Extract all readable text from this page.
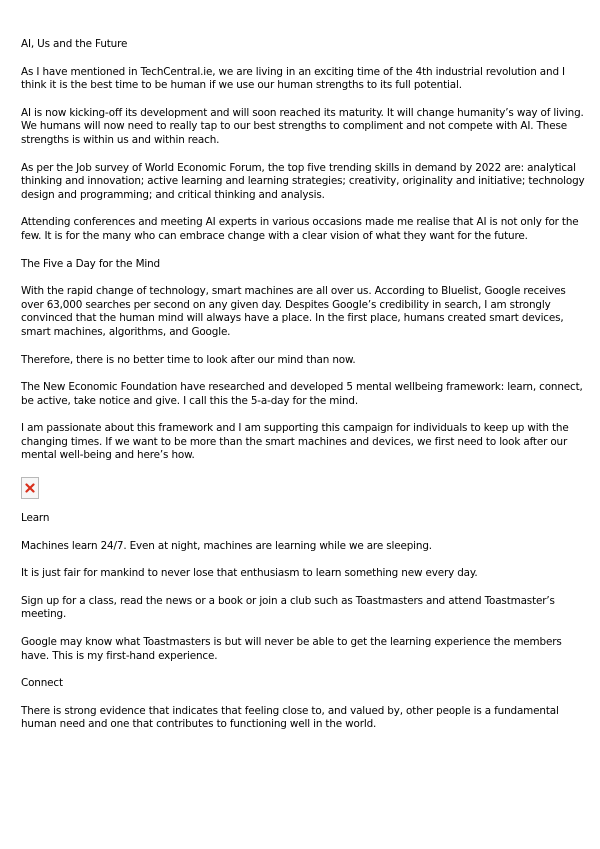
AI, Us and the Future

As I have mentioned in TechCentral.ie, we are living in an exciting time of the 4th industrial revolution and I think it is the best time to be human if we use our human strengths to its full potential.

AI is now kicking-off its development and will soon reached its maturity. It will change humanity’s way of living. We humans will now need to really tap to our best strengths to compliment and not compete with AI. These strengths is within us and within reach.

As per the Job survey of World Economic Forum, the top five trending skills in demand by 2022 are: analytical thinking and innovation; active learning and learning strategies; creativity, originality and initiative; technology design and programming; and critical thinking and analysis.

Attending conferences and meeting AI experts in various occasions made me realise that AI is not only for the few. It is for the many who can embrace change with a clear vision of what they want for the future.

The Five a Day for the Mind

With the rapid change of technology, smart machines are all over us. According to Bluelist, Google receives over 63,000 searches per second on any given day. Despites Google’s credibility in search, I am strongly convinced that the human mind will always have a place. In the first place, humans created smart devices, smart machines, algorithms, and Google.

Therefore, there is no better time to look after our mind than now.

The New Economic Foundation have researched and developed 5 mental wellbeing framework: learn, connect, be active, take notice and give. I call this the 5-a-day for the mind.

I am passionate about this framework and I am supporting this campaign for individuals to keep up with the changing times. If we want to be more than the smart machines and devices, we first need to look after our mental well-being and here’s how.

Learn

Machines learn 24/7. Even at night, machines are learning while we are sleeping.

It is just fair for mankind to never lose that enthusiasm to learn something new every day.

Sign up for a class, read the news or a book or join a club such as Toastmasters and attend Toastmaster’s meeting.

Google may know what Toastmasters is but will never be able to get the learning experience the members have. This is my first-hand experience.

Connect

There is strong evidence that indicates that feeling close to, and valued by, other people is a fundamental human need and one that contributes to functioning well in the world.
